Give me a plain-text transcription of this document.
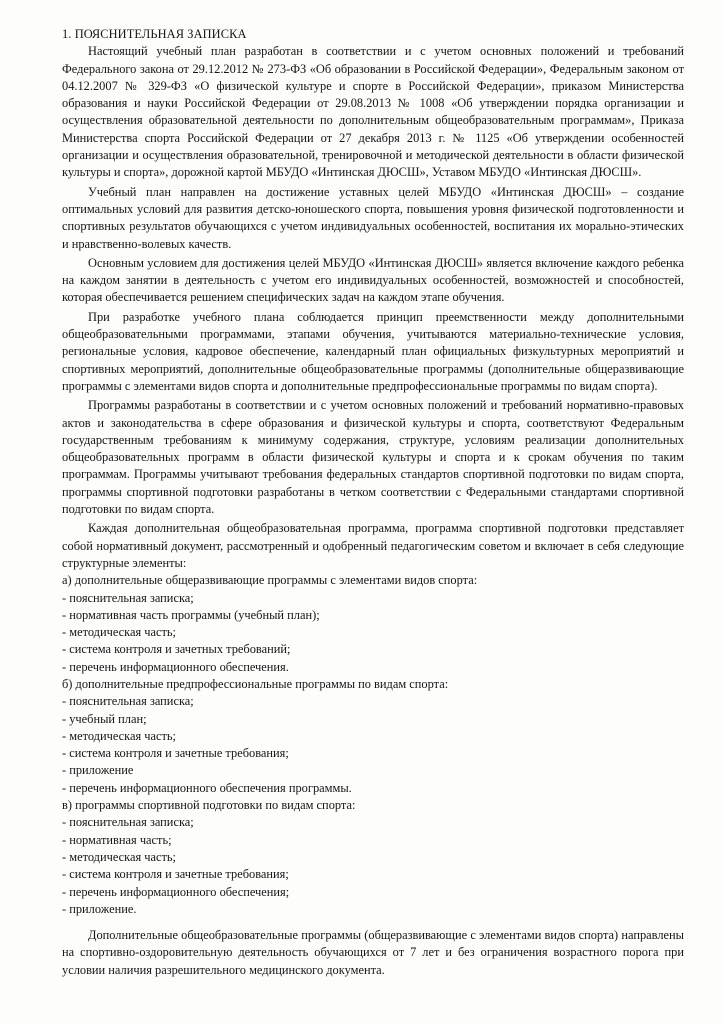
1. ПОЯСНИТЕЛЬНАЯ ЗАПИСКА

Настоящий учебный план разработан в соответствии и с учетом основных положений и требований Федерального закона от 29.12.2012 № 273-ФЗ «Об образовании в Российской Федерации», Федеральным законом от 04.12.2007 № 329-ФЗ «О физической культуре и спорте в Российской Федерации», приказом Министерства образования и науки Российской Федерации от 29.08.2013 № 1008 «Об утверждении порядка организации и осуществления образовательной деятельности по дополнительным общеобразовательным программам», Приказа Министерства спорта Российской Федерации от 27 декабря 2013 г. № 1125 «Об утверждении особенностей организации и осуществления образовательной, тренировочной и методической деятельности в области физической культуры и спорта», дорожной картой МБУДО «Интинская ДЮСШ», Уставом МБУДО «Интинская ДЮСШ».

Учебный план направлен на достижение уставных целей МБУДО «Интинская ДЮСШ» – создание оптимальных условий для развития детско-юношеского спорта, повышения уровня физической подготовленности и спортивных результатов обучающихся с учетом индивидуальных особенностей, воспитания их морально-этических и нравственно-волевых качеств.

Основным условием для достижения целей МБУДО «Интинская ДЮСШ» является включение каждого ребенка на каждом занятии в деятельность с учетом его индивидуальных особенностей, возможностей и способностей, которая обеспечивается решением специфических задач на каждом этапе обучения.

При разработке учебного плана соблюдается принцип преемственности между дополнительными общеобразовательными программами, этапами обучения, учитываются материально-технические условия, региональные условия, кадровое обеспечение, календарный план официальных физкультурных мероприятий и спортивных мероприятий, дополнительные общеобразовательные программы (дополнительные общеразвивающие программы с элементами видов спорта и дополнительные предпрофессиональные программы по видам спорта).

Программы разработаны в соответствии и с учетом основных положений и требований нормативно-правовых актов и законодательства в сфере образования и физической культуры и спорта, соответствуют Федеральным государственным требованиям к минимуму содержания, структуре, условиям реализации дополнительных общеобразовательных программ в области физической культуры и спорта и к срокам обучения по таким программам. Программы учитывают требования федеральных стандартов спортивной подготовки по видам спорта, программы спортивной подготовки разработаны в четком соответствии с Федеральными стандартами спортивной подготовки по видам спорта.

Каждая дополнительная общеобразовательная программа, программа спортивной подготовки представляет собой нормативный документ, рассмотренный и одобренный педагогическим советом и включает в себя следующие структурные элементы:

а) дополнительные общеразвивающие программы с элементами видов спорта:

- пояснительная записка;
- нормативная часть программы (учебный план);
- методическая часть;
- система контроля и зачетных требований;
- перечень информационного обеспечения.

б) дополнительные предпрофессиональные программы по видам спорта:

- пояснительная записка;
- учебный план;
- методическая часть;
- система контроля и зачетные требования;
- приложение
- перечень информационного обеспечения программы.

в) программы спортивной подготовки по видам спорта:

- пояснительная записка;
- нормативная часть;
- методическая часть;
- система контроля и зачетные требования;
- перечень информационного обеспечения;
- приложение.

Дополнительные общеобразовательные программы (общеразвивающие с элементами видов спорта) направлены на спортивно-оздоровительную деятельность обучающихся от 7 лет и без ограничения возрастного порога при условии наличия разрешительного медицинского документа.
